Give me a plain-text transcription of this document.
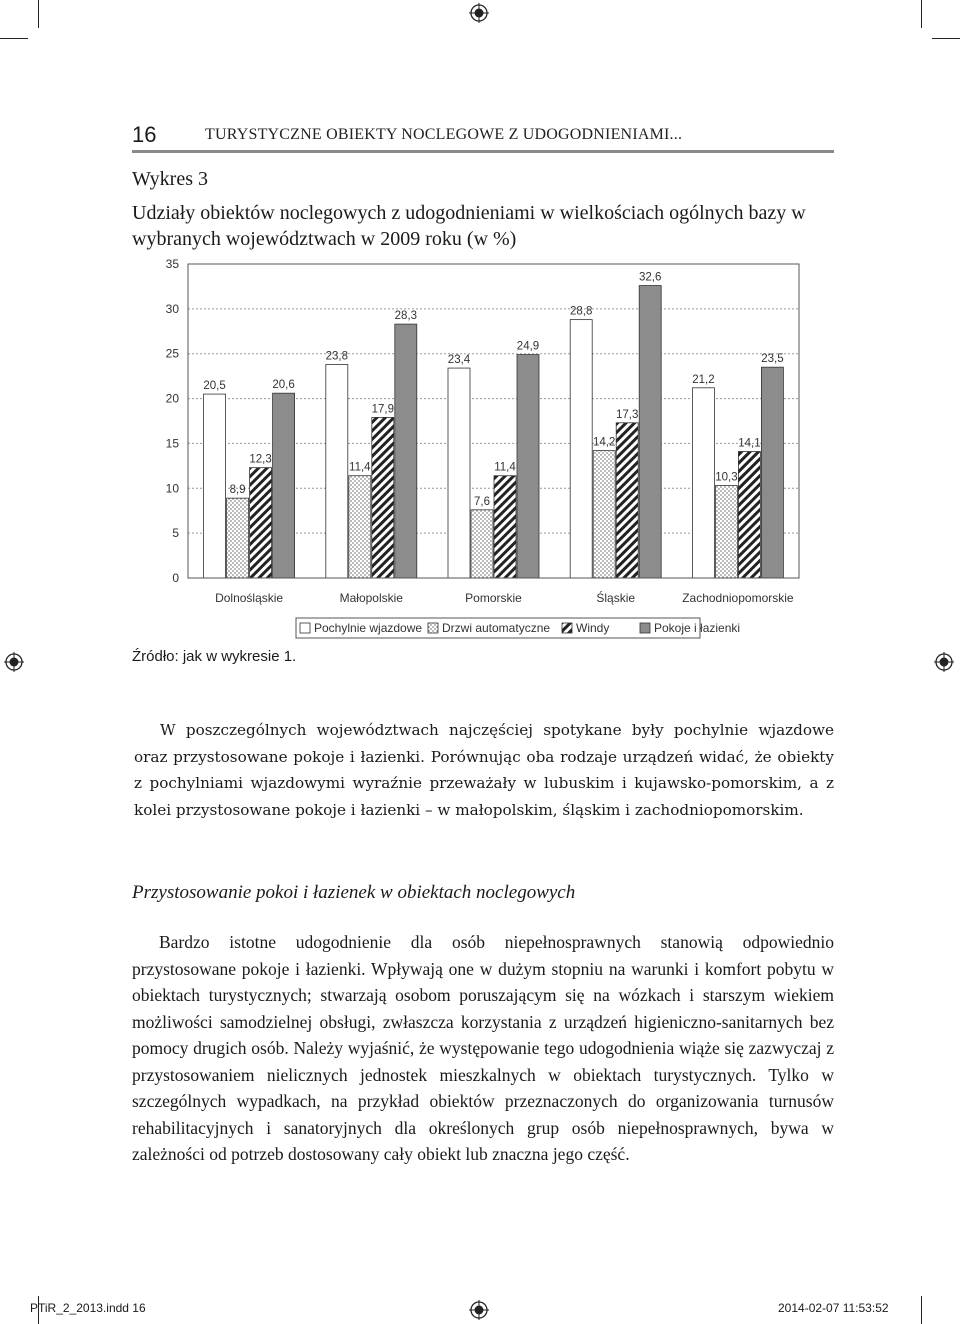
16	TURYSTYCZNE OBIEKTY NOCLEGOWE Z UDOGODNIENIAMI...
Wykres 3
Udziały obiektów noclegowych z udogodnieniami w wielkościach ogólnych bazy w wybranych województwach w 2009 roku (w %)
20,5
8,9
12,3
20,6
23,8
11,4
17,9
28,3
23,4
7,6
11,4
24,9
28,8
14,2
17,3
32,6
21,2
10,3
14,1
23,5
0
5
10
15
20
25
30
35
Dolnośląskie	Małopolskie	Pomorskie	Śląskie	Zachodniopomorskie
Pochylnie wjazdowe Drzwi automatyczne Windy	Pokoje i łazienki
Źródło: jak w wykresie 1.
W poszczególnych województwach najczęściej spotykane były pochylnie wjazdowe oraz przystosowane pokoje i łazienki. Porównując oba rodzaje urządzeń widać, że obiekty z pochylniami wjazdowymi wyraźnie przeważały w lubuskim i kujawsko-pomorskim, a z kolei przystosowane pokoje i łazienki – w małopolskim, śląskim i zachodniopomorskim.
Przystosowanie pokoi i łazienek w obiektach noclegowych
Bardzo istotne udogodnienie dla osób niepełnosprawnych stanowią odpowiednio przystosowane pokoje i łazienki. Wpływają one w dużym stopniu na warunki i komfort pobytu w obiektach turystycznych; stwarzają osobom poruszającym się na wózkach i starszym wiekiem możliwości samodzielnej obsługi, zwłaszcza korzystania z urządzeń higieniczno-sanitarnych bez pomocy drugich osób. Należy wyjaśnić, że występowanie tego udogodnienia wiąże się zazwyczaj z przystosowaniem nielicznych jednostek mieszkalnych w obiektach turystycznych. Tylko w szczególnych wypadkach, na przykład obiektów przeznaczonych do organizowania turnusów rehabilitacyjnych i sanatoryjnych dla określonych grup osób niepełnosprawnych, bywa w zależności od potrzeb dostosowany cały obiekt lub znaczna jego część.
PTiR_2_2013.indd 16	2014-02-07 11:53:52
